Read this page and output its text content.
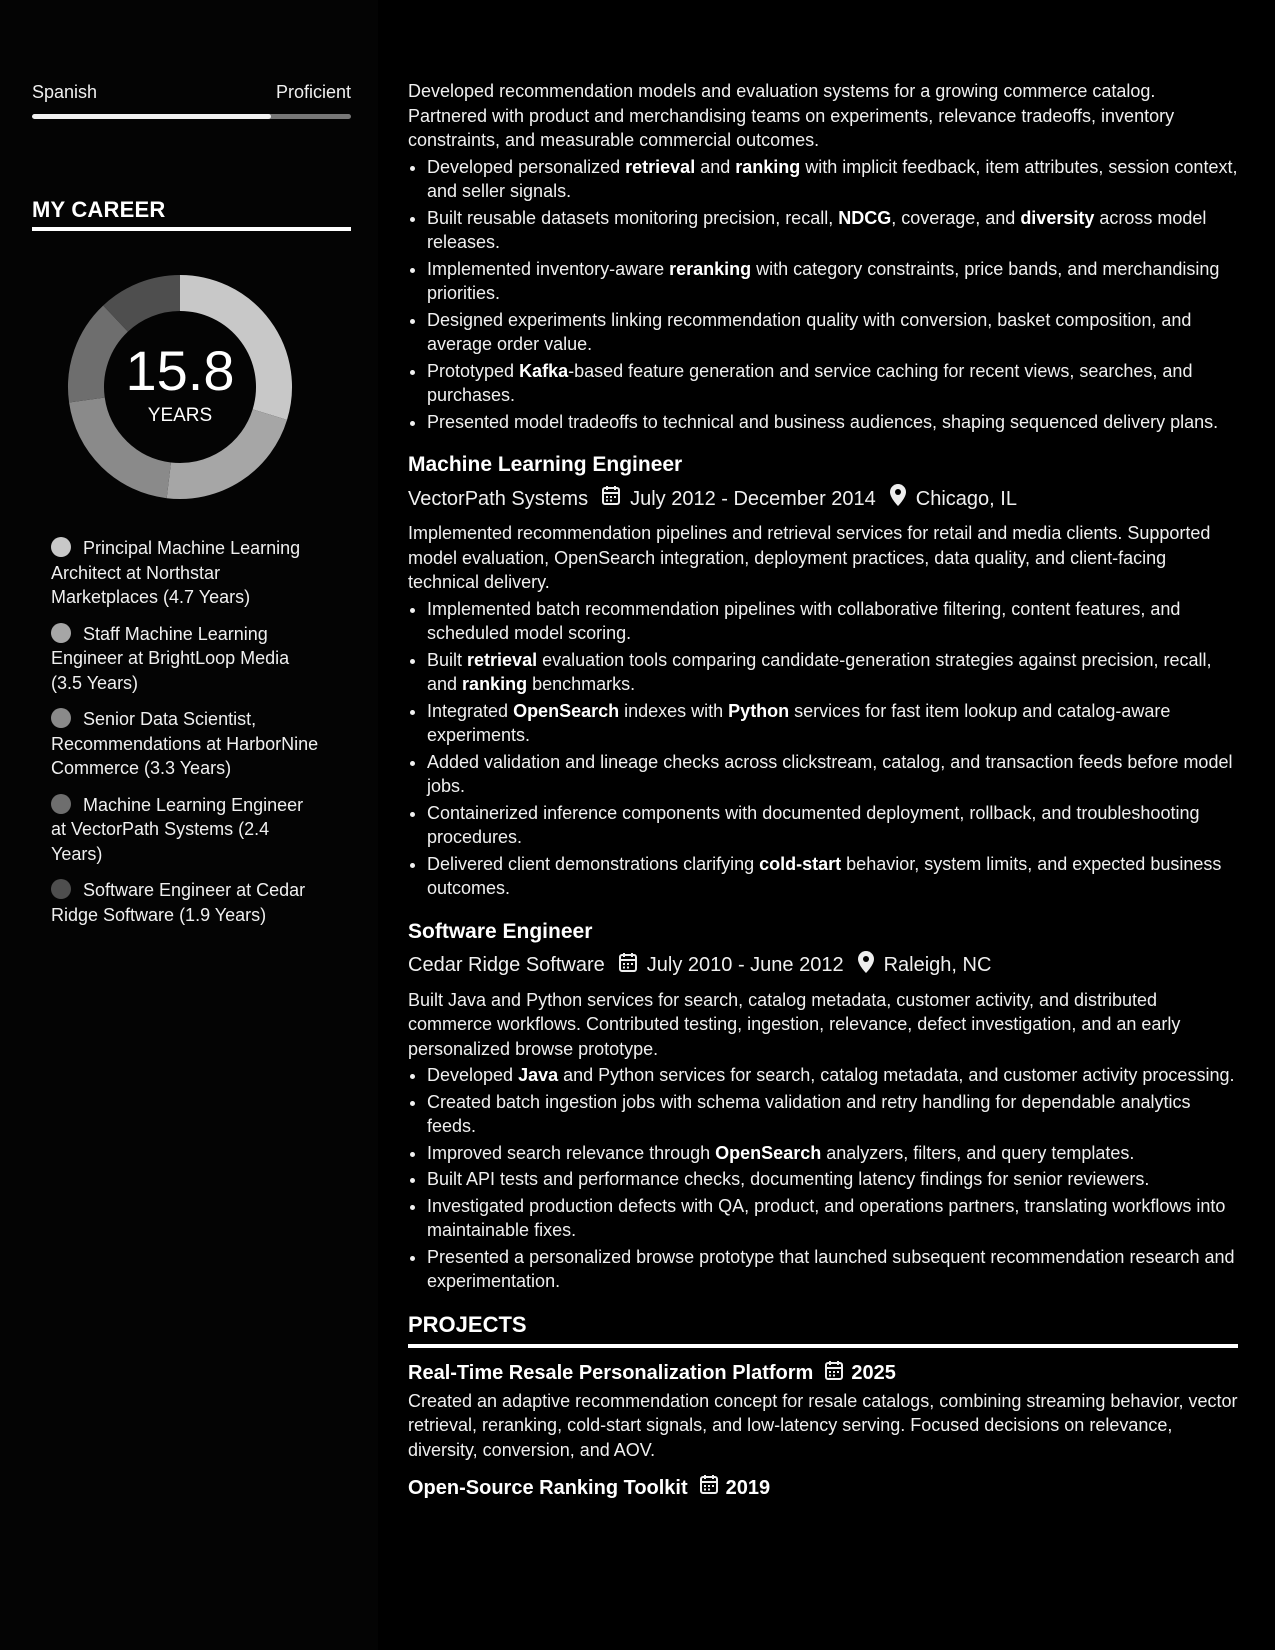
Spanish	Proficient
MY CAREER
15.8
YEARS
Principal Machine Learning Architect at Northstar Marketplaces (4.7 Years)
Staff Machine Learning Engineer at BrightLoop Media (3.5 Years)
Senior Data Scientist, Recommendations at HarborNine Commerce (3.3 Years)
Machine Learning Engineer at VectorPath Systems (2.4 Years)
Software Engineer at Cedar Ridge Software (1.9 Years)

Developed recommendation models and evaluation systems for a growing commerce catalog. Partnered with product and merchandising teams on experiments, relevance tradeoffs, inventory constraints, and measurable commercial outcomes.

• Developed personalized retrieval and ranking with implicit feedback, item attributes, session context, and seller signals.
• Built reusable datasets monitoring precision, recall, NDCG, coverage, and diversity across model releases.
• Implemented inventory-aware reranking with category constraints, price bands, and merchandising priorities.
• Designed experiments linking recommendation quality with conversion, basket composition, and average order value.
• Prototyped Kafka-based feature generation and service caching for recent views, searches, and purchases.
• Presented model tradeoffs to technical and business audiences, shaping sequenced delivery plans.
Machine Learning Engineer
VectorPath Systems July 2012 - December 2014 Chicago, IL

Implemented recommendation pipelines and retrieval services for retail and media clients. Supported model evaluation, OpenSearch integration, deployment practices, data quality, and client-facing technical delivery.

• Implemented batch recommendation pipelines with collaborative filtering, content features, and scheduled model scoring.
• Built retrieval evaluation tools comparing candidate-generation strategies against precision, recall, and ranking benchmarks.
• Integrated OpenSearch indexes with Python services for fast item lookup and catalog-aware experiments.
• Added validation and lineage checks across clickstream, catalog, and transaction feeds before model jobs.
• Containerized inference components with documented deployment, rollback, and troubleshooting procedures.
• Delivered client demonstrations clarifying cold-start behavior, system limits, and expected business outcomes.
Software Engineer
Cedar Ridge Software July 2010 - June 2012 Raleigh, NC

Built Java and Python services for search, catalog metadata, customer activity, and distributed commerce workflows. Contributed testing, ingestion, relevance, defect investigation, and an early personalized browse prototype.

• Developed Java and Python services for search, catalog metadata, and customer activity processing.
• Created batch ingestion jobs with schema validation and retry handling for dependable analytics feeds.
• Improved search relevance through OpenSearch analyzers, filters, and query templates.
• Built API tests and performance checks, documenting latency findings for senior reviewers.
• Investigated production defects with QA, product, and operations partners, translating workflows into maintainable fixes.
• Presented a personalized browse prototype that launched subsequent recommendation research and experimentation.
PROJECTS
Real-Time Resale Personalization Platform 2025

Created an adaptive recommendation concept for resale catalogs, combining streaming behavior, vector retrieval, reranking, cold-start signals, and low-latency serving. Focused decisions on relevance, diversity, conversion, and AOV.

Open-Source Ranking Toolkit 2019
